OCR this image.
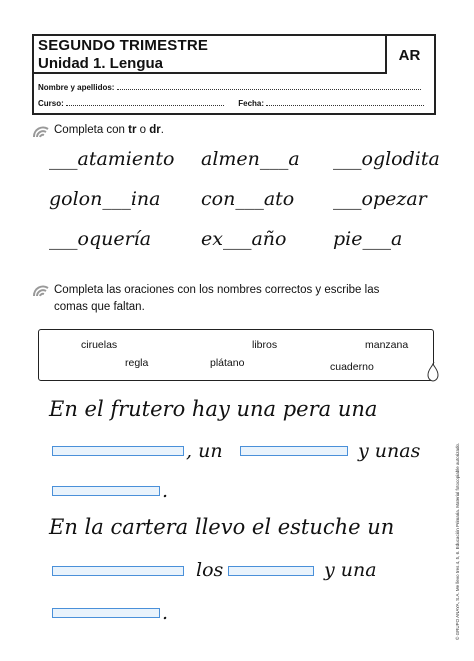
SEGUNDO TRIMESTRE
Unidad 1. Lengua	AR
Nombre y apellidos:
Curso:	Fecha:
Completa con tr o dr.
___atamiento almen___a ___oglodita
golon___ina con___ato ___opezar
___oquería	ex___año pie___a
Completa las oraciones con los nombres correctos y escribe las
comas que faltan.
ciruelas	libros	manzana
regla	plátano	cuaderno
En el frutero hay una pera una
, un	y unas
.
En la cartera llevo el estuche un
los	y una
.	© GRUPO ANAYA, S.A. Me llevo tres 4, 5, 6. Educación Primaria. Material fotocopiable autorizado.
